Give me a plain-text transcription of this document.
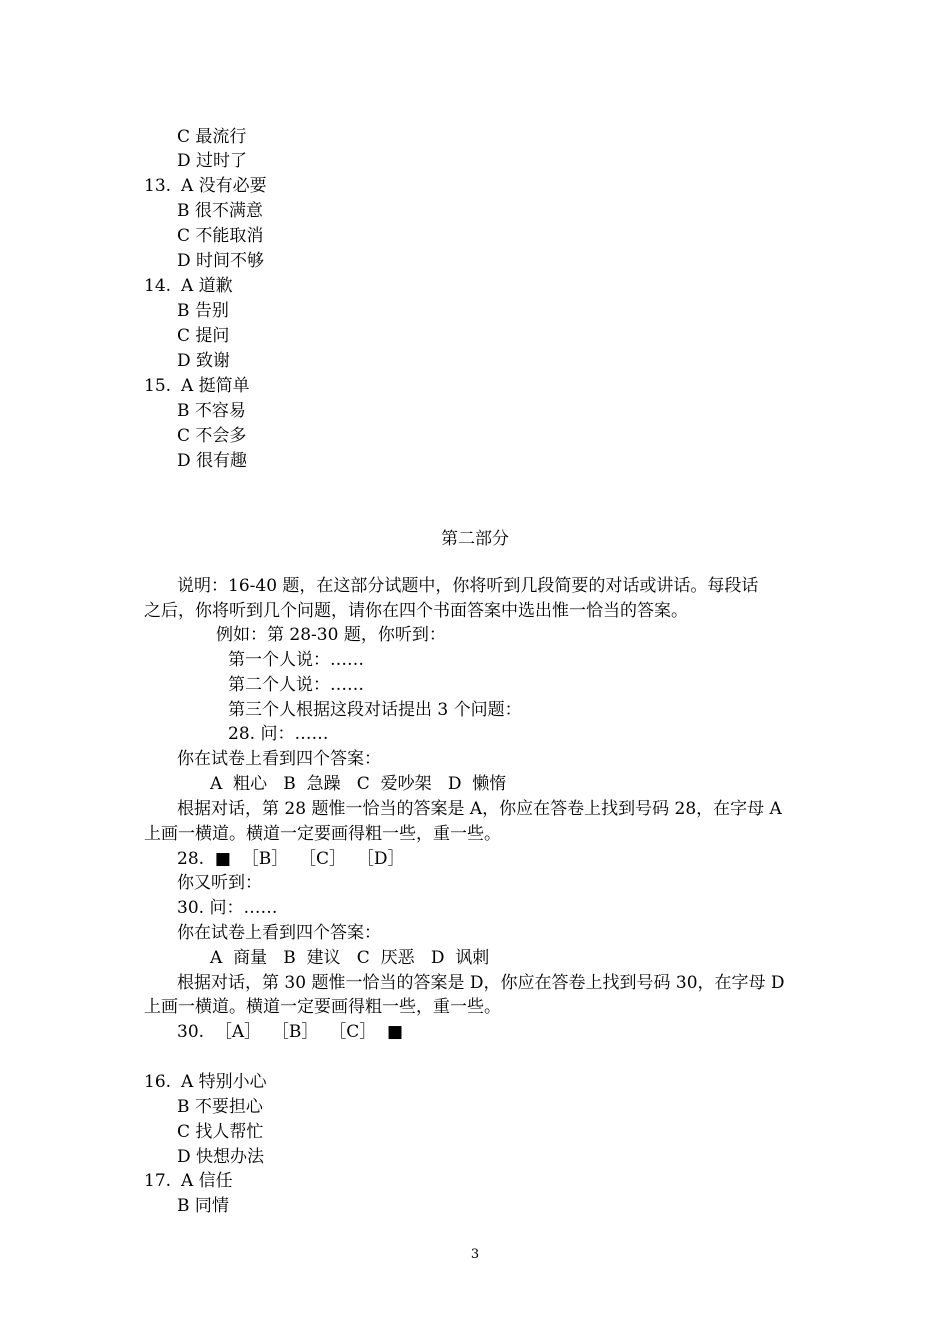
C 最流行
D 过时了
13. A 没有必要
B 很不满意
C 不能取消
D 时间不够
14. A 道歉
B 告别
C 提问
D 致谢
15. A 挺简单
B 不容易
C 不会多
D 很有趣
第二部分
说明：16-40 题，在这部分试题中，你将听到几段简要的对话或讲话。每段话
之后，你将听到几个问题，请你在四个书面答案中选出惟一恰当的答案。
例如：第 28-30 题，你听到：
第一个人说：……
第二个人说：……
第三个人根据这段对话提出 3 个问题：
28. 问：……
你在试卷上看到四个答案：
A  粗心   B  急躁   C  爱吵架   D  懒惰
根据对话，第 28 题惟一恰当的答案是 A，你应在答卷上找到号码 28，在字母 A
上画一横道。横道一定要画得粗一些，重一些。
28.  ■  ［B］  ［C］  ［D］
你又听到：
30. 问：……
你在试卷上看到四个答案：
A  商量   B  建议   C  厌恶   D  讽刺
根据对话，第 30 题惟一恰当的答案是 D，你应在答卷上找到号码 30，在字母 D
上画一横道。横道一定要画得粗一些，重一些。
30.  ［A］  ［B］  ［C］  ■
16. A 特别小心
B 不要担心
C 找人帮忙
D 快想办法
17. A 信任
B 同情
3
